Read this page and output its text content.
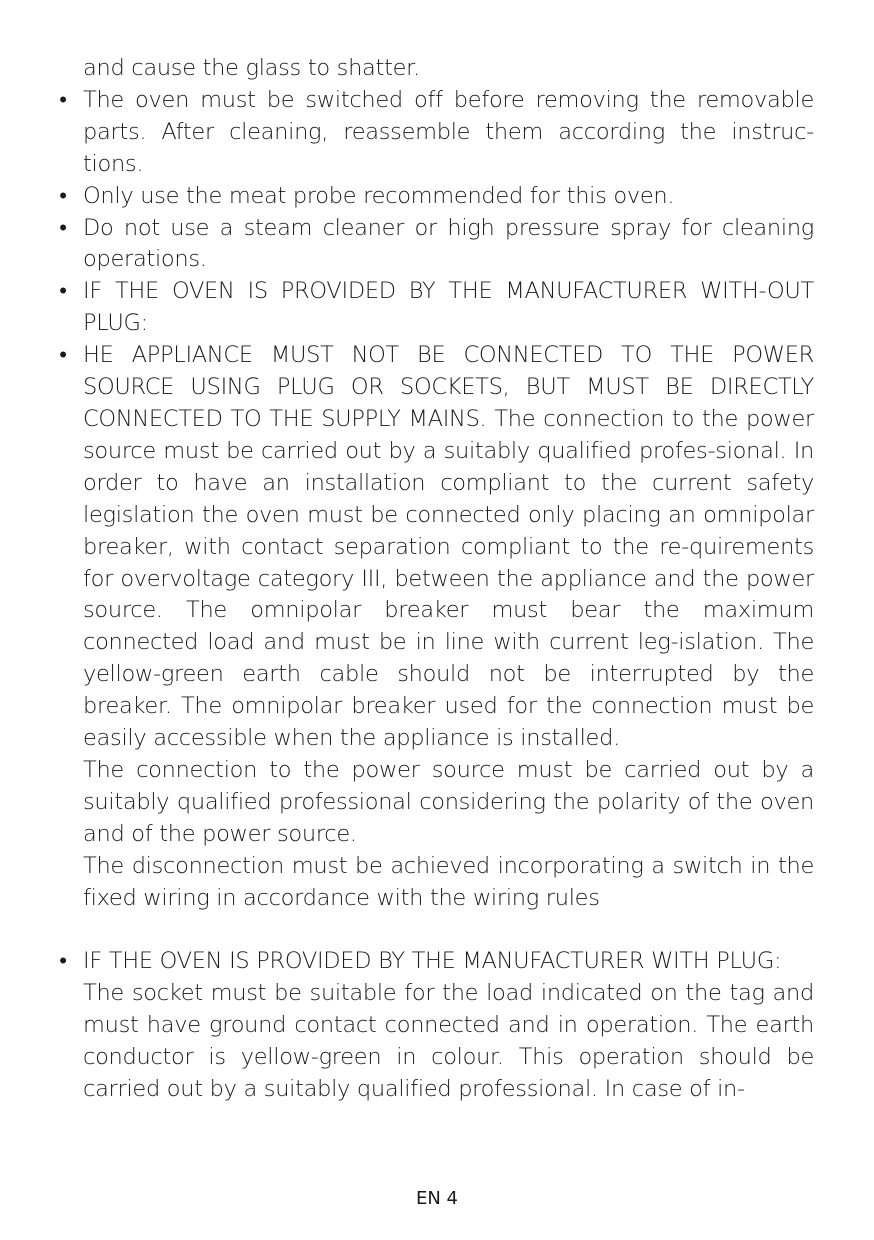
and cause the glass to shatter.

• The oven must be switched off before removing the removable parts. After cleaning, reassemble them according the instruc-tions.

• Only use the meat probe recommended for this oven.

• Do not use a steam cleaner or high pressure spray for cleaning operations.

• IF THE OVEN IS PROVIDED BY THE MANUFACTURER WITH-OUT PLUG:

• HE APPLIANCE MUST NOT BE CONNECTED TO THE POWER SOURCE USING PLUG OR SOCKETS, BUT MUST BE DIRECTLY CONNECTED TO THE SUPPLY MAINS. The connection to the power source must be carried out by a suitably qualified profes-sional. In order to have an installation compliant to the current safety legislation the oven must be connected only placing an omnipolar breaker, with contact separation compliant to the re-quirements for overvoltage category III, between the appliance and the power source. The omnipolar breaker must bear the maximum connected load and must be in line with current leg-islation. The yellow-green earth cable should not be interrupted by the breaker. The omnipolar breaker used for the connection must be easily accessible when the appliance is installed.

The connection to the power source must be carried out by a suitably qualified professional considering the polarity of the oven and of the power source.

The disconnection must be achieved incorporating a switch in the fixed wiring in accordance with the wiring rules

• IF THE OVEN IS PROVIDED BY THE MANUFACTURER WITH PLUG:

The socket must be suitable for the load indicated on the tag and must have ground contact connected and in operation. The earth conductor is yellow-green in colour. This operation should be carried out by a suitably qualified professional. In case of in-

EN 4
